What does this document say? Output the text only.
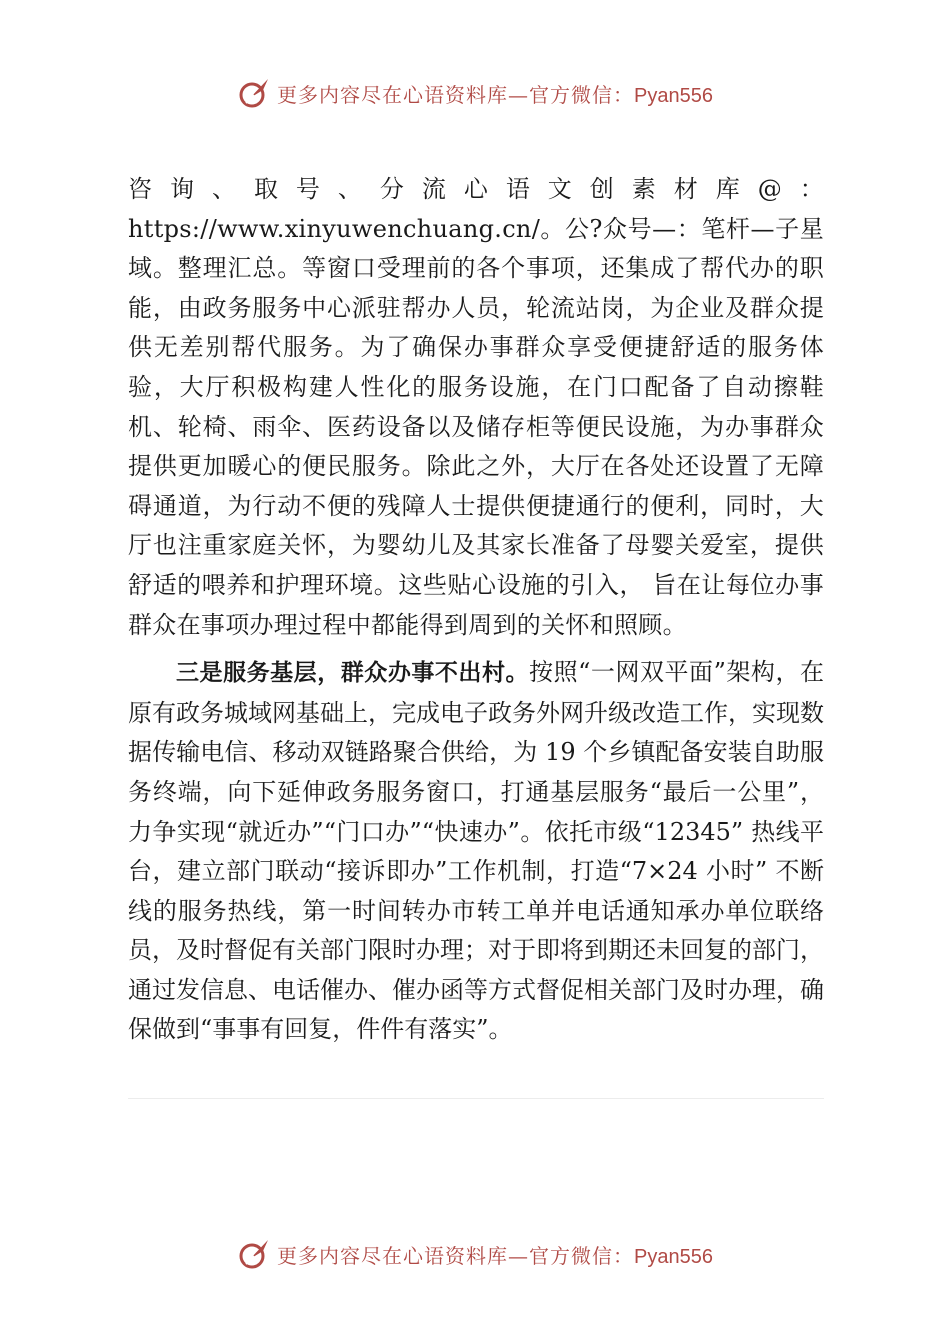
更多内容尽在心语资料库—官方微信：Pyan556

咨询、取号、分流心语文创素材库@：https://www.xinyuwenchuang.cn/。公?众号—：笔杆—子星域。整理汇总。等窗口受理前的各个事项，还集成了帮代办的职能，由政务服务中心派驻帮办人员，轮流站岗，为企业及群众提供无差别帮代服务。为了确保办事群众享受便捷舒适的服务体验，大厅积极构建人性化的服务设施，在门口配备了自动擦鞋机、轮椅、雨伞、医药设备以及储存柜等便民设施，为办事群众提供更加暖心的便民服务。除此之外，大厅在各处还设置了无障碍通道，为行动不便的残障人士提供便捷通行的便利，同时，大厅也注重家庭关怀，为婴幼儿及其家长准备了母婴关爱室，提供舒适的喂养和护理环境。这些贴心设施的引入， 旨在让每位办事群众在事项办理过程中都能得到周到的关怀和照顾。

三是服务基层，群众办事不出村。按照“一网双平面”架构，在原有政务城域网基础上，完成电子政务外网升级改造工作，实现数据传输电信、移动双链路聚合供给，为 19 个乡镇配备安装自助服务终端，向下延伸政务服务窗口，打通基层服务“最后一公里”，力争实现“就近办”“门口办”“快速办”。依托市级“12345” 热线平台，建立部门联动“接诉即办”工作机制，打造“7×24 小时” 不断线的服务热线，第一时间转办市转工单并电话通知承办单位联络员，及时督促有关部门限时办理；对于即将到期还未回复的部门，通过发信息、电话催办、催办函等方式督促相关部门及时办理，确保做到“事事有回复，件件有落实”。

更多内容尽在心语资料库—官方微信：Pyan556
